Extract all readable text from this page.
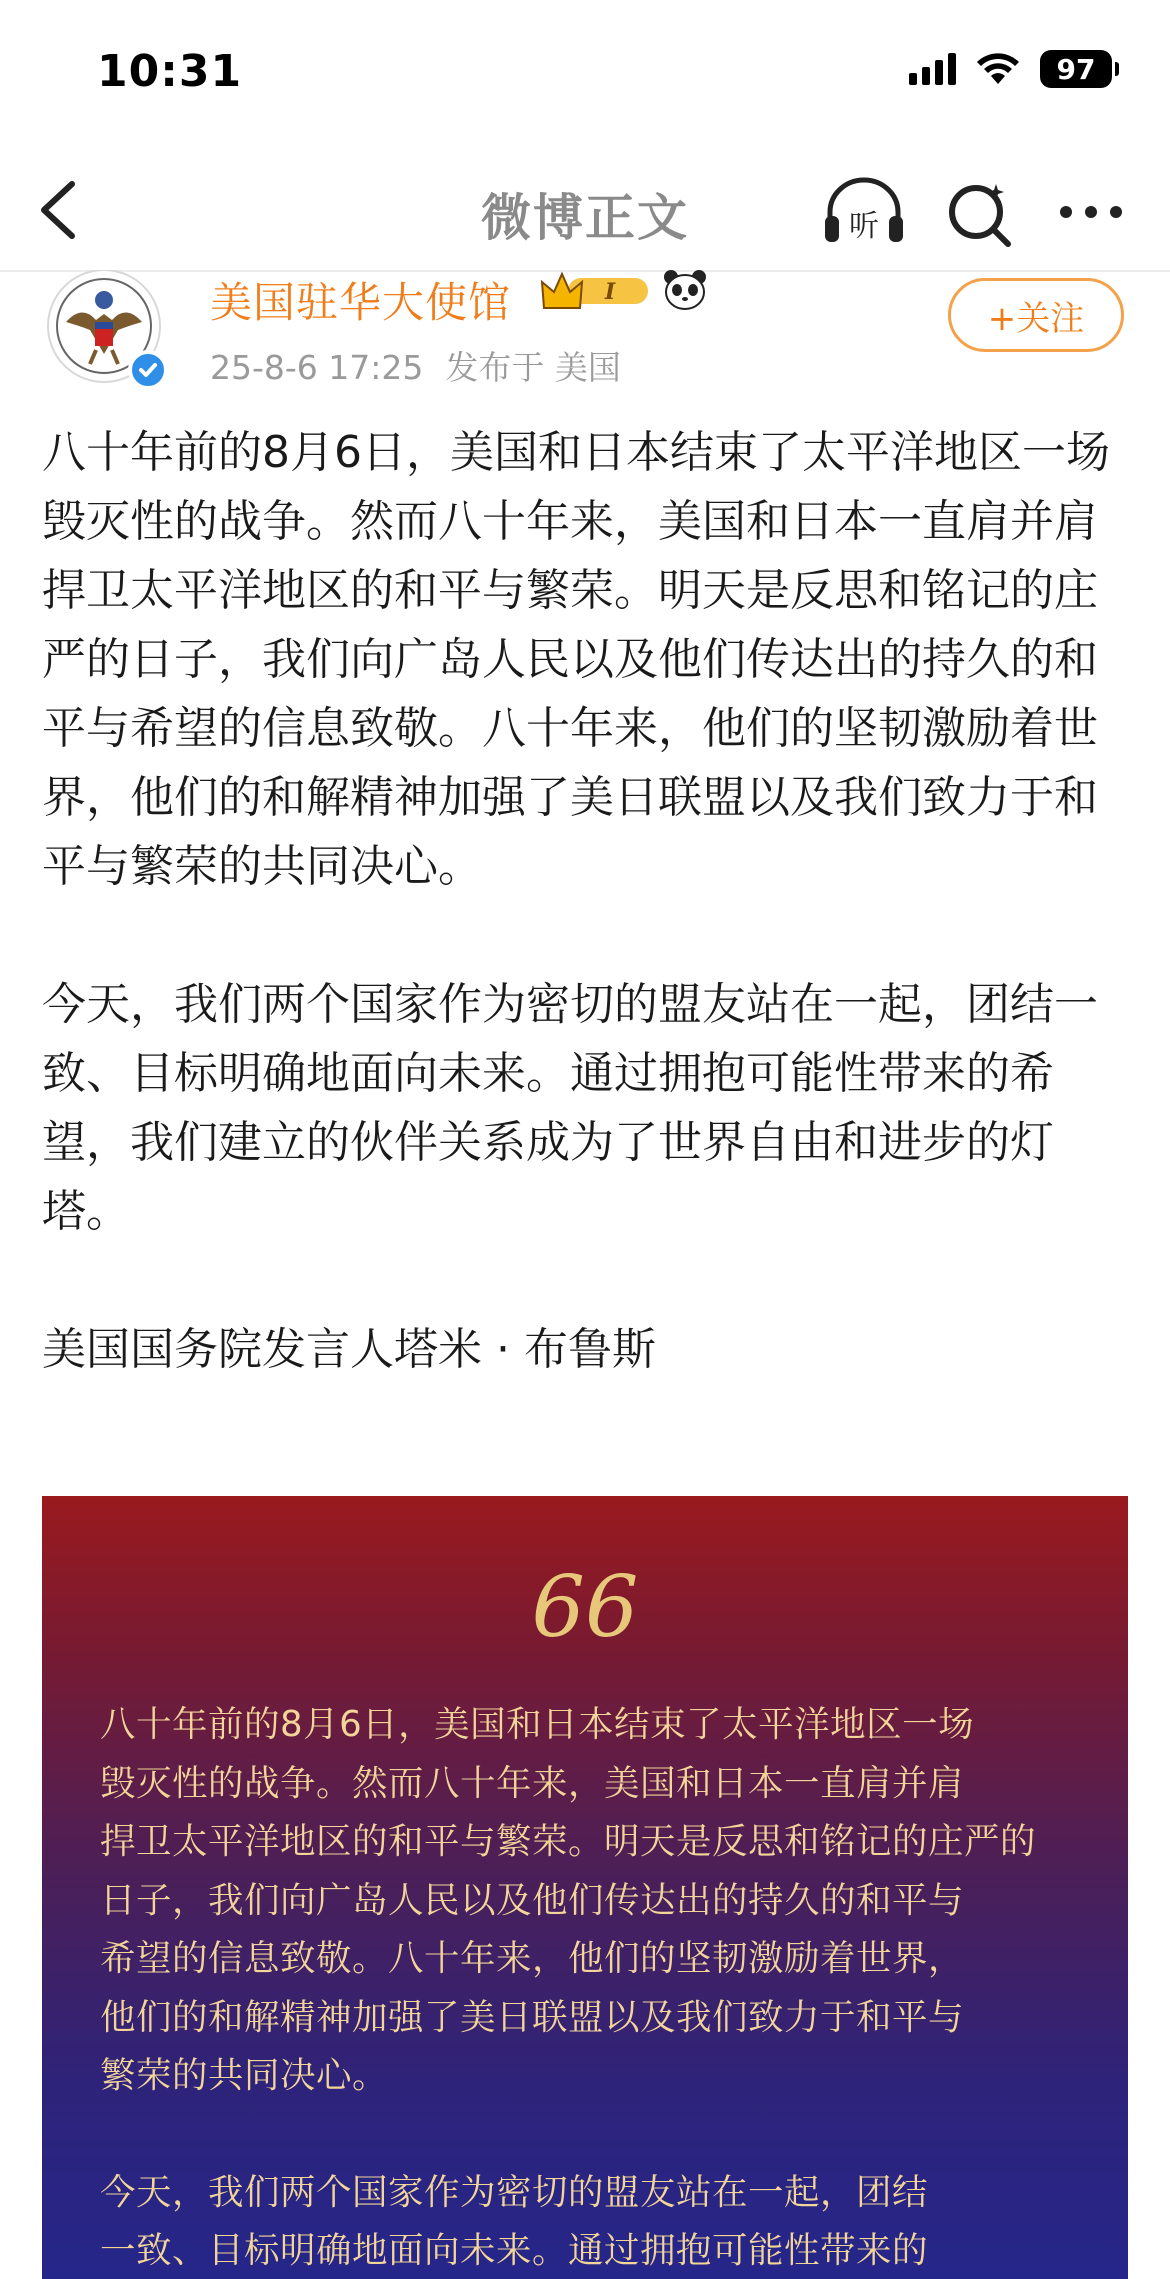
10:31	97
微博正文	听
美国驻华大使馆	I
25-8-6 17:25 发布于 美国
+关注

八十年前的8月6日，美国和日本结束了太平洋地区一场毁灭性的战争。然而八十年来，美国和日本一直肩并肩捍卫太平洋地区的和平与繁荣。明天是反思和铭记的庄严的日子，我们向广岛人民以及他们传达出的持久的和平与希望的信息致敬。八十年来，他们的坚韧激励着世界，他们的和解精神加强了美日联盟以及我们致力于和平与繁荣的共同决心。

今天，我们两个国家作为密切的盟友站在一起，团结一致、目标明确地面向未来。通过拥抱可能性带来的希望，我们建立的伙伴关系成为了世界自由和进步的灯塔。

美国国务院发言人塔米 · 布鲁斯

66

八十年前的8月6日，美国和日本结束了太平洋地区一场

毁灭性的战争。然而八十年来，美国和日本一直肩并肩

捍卫太平洋地区的和平与繁荣。明天是反思和铭记的庄严的

日子，我们向广岛人民以及他们传达出的持久的和平与

希望的信息致敬。八十年来，他们的坚韧激励着世界，

他们的和解精神加强了美日联盟以及我们致力于和平与

繁荣的共同决心。

今天，我们两个国家作为密切的盟友站在一起，团结

一致、目标明确地面向未来。通过拥抱可能性带来的
